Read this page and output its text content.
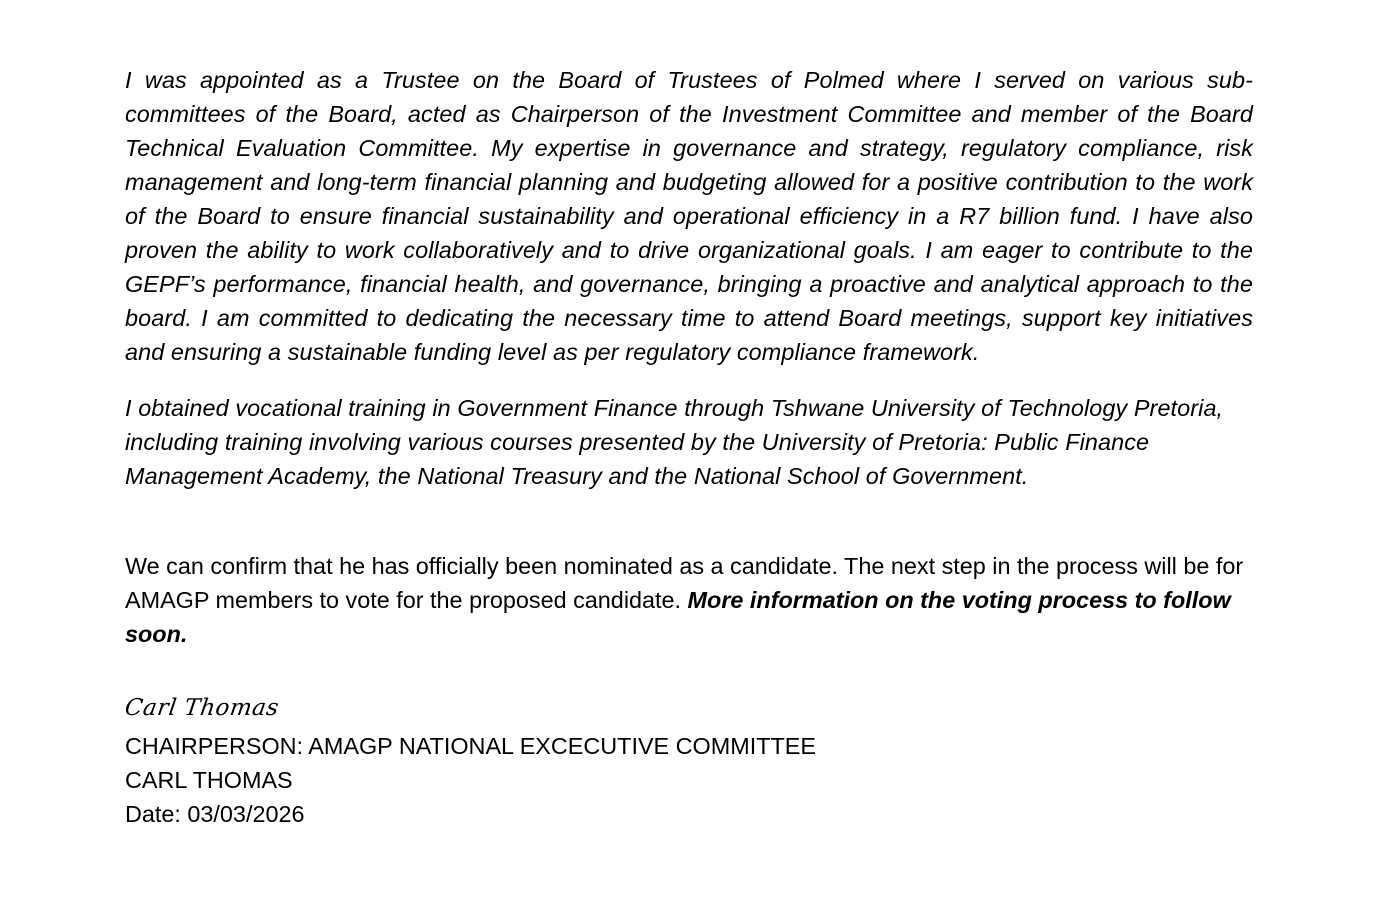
I was appointed as a Trustee on the Board of Trustees of Polmed where I served on various sub-committees of the Board, acted as Chairperson of the Investment Committee and member of the Board Technical Evaluation Committee. My expertise in governance and strategy, regulatory compliance, risk management and long-term financial planning and budgeting allowed for a positive contribution to the work of the Board to ensure financial sustainability and operational efficiency in a R7 billion fund. I have also proven the ability to work collaboratively and to drive organizational goals. I am eager to contribute to the GEPF’s performance, financial health, and governance, bringing a proactive and analytical approach to the board. I am committed to dedicating the necessary time to attend Board meetings, support key initiatives and ensuring a sustainable funding level as per regulatory compliance framework.

I obtained vocational training in Government Finance through Tshwane University of Technology Pretoria, including training involving various courses presented by the University of Pretoria: Public Finance Management Academy, the National Treasury and the National School of Government.

We can confirm that he has officially been nominated as a candidate. The next step in the process will be for AMAGP members to vote for the proposed candidate. More information on the voting process to follow soon.

Carl Thomas
CHAIRPERSON: AMAGP NATIONAL EXCECUTIVE COMMITTEE
CARL THOMAS
Date: 03/03/2026
